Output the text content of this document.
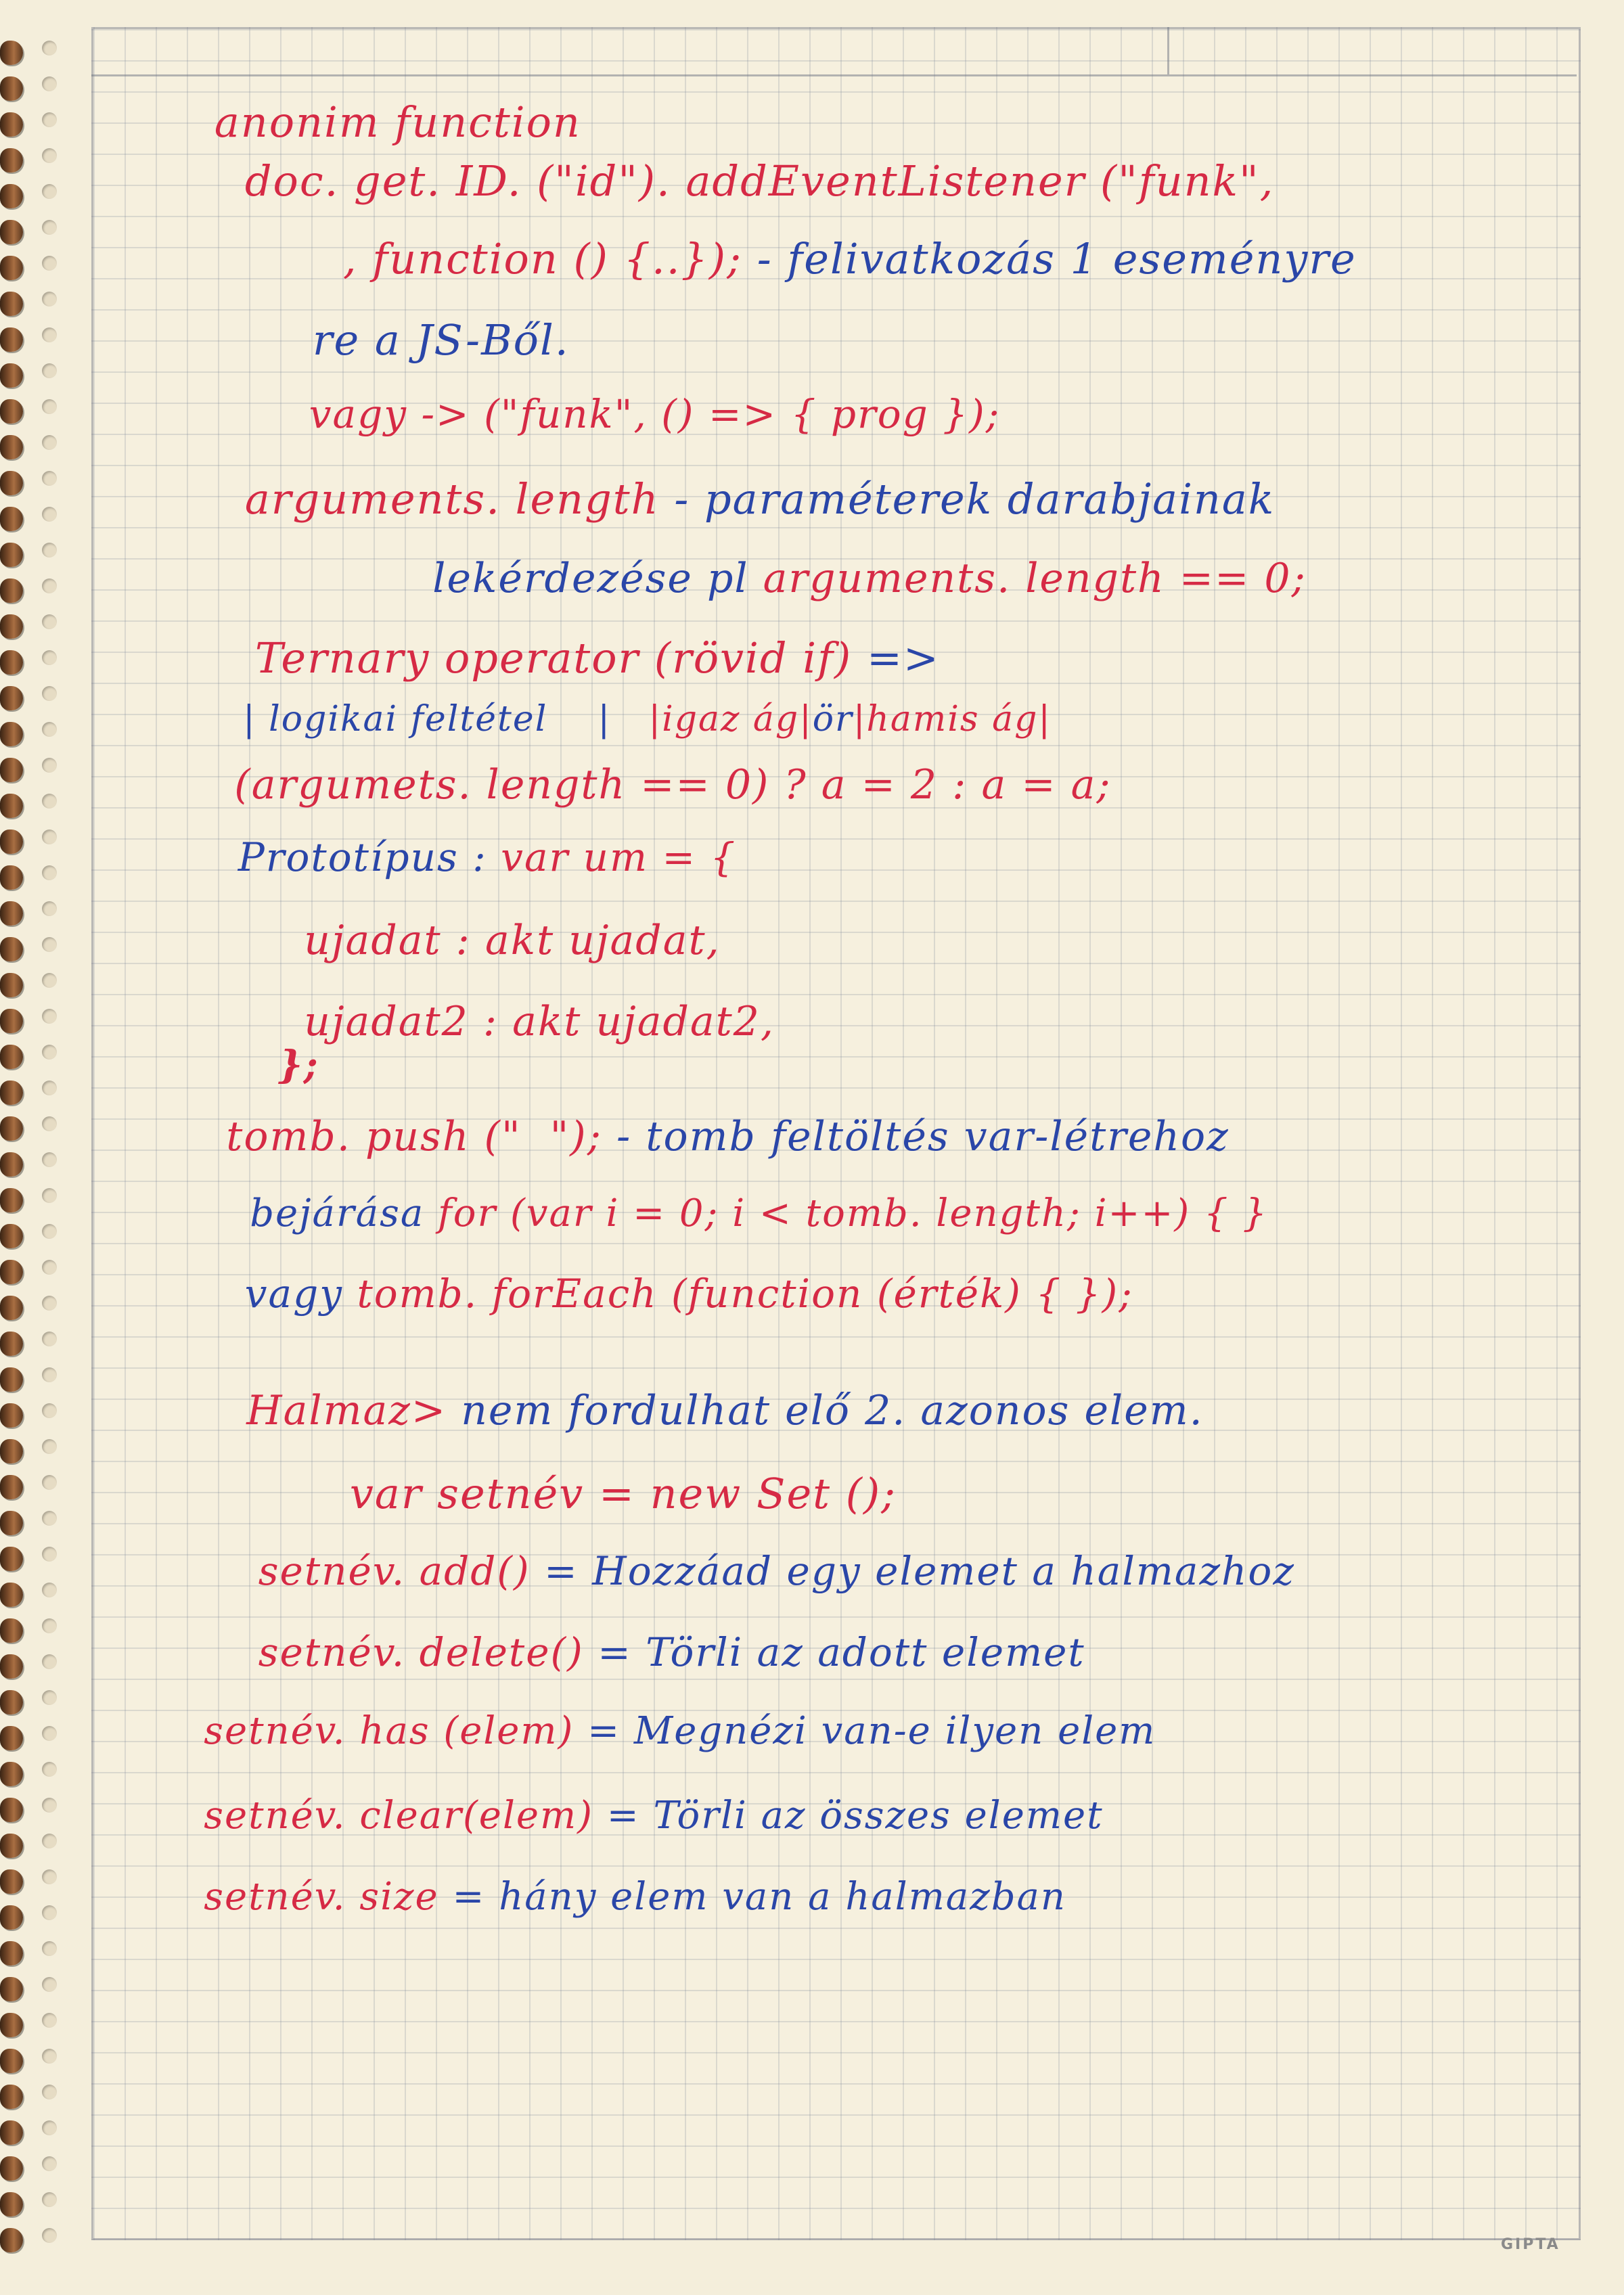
anonim function

doc. get. ID. ("id"). addEventListener ("funk",

, function () {..}); - felivatkozás 1 eseményre

re a JS-Ből.

vagy -> ("funk", () => { prog });

arguments. length - paraméterek darabjainak

lekérdezése pl arguments. length == 0;

Ternary operator (rövid if) =>

| logikai feltétel    |   |igaz ág|ör|hamis ág|

(argumets. length == 0) ? a = 2 : a = a;

Prototípus : var um = {

ujadat : akt ujadat,

ujadat2 : akt ujadat2,

};

tomb. push ("  "); - tomb feltöltés var-létrehoz

bejárása for (var i = 0; i < tomb. length; i++) { }

vagy tomb. forEach (function (érték) { });

Halmaz> nem fordulhat elő 2. azonos elem.

var setnév = new Set ();

setnév. add() = Hozzáad egy elemet a halmazhoz

setnév. delete() = Törli az adott elemet

setnév. has (elem) = Megnézi van-e ilyen elem

setnév. clear(elem) = Törli az összes elemet

setnév. size = hány elem van a halmazban

GIPTA
